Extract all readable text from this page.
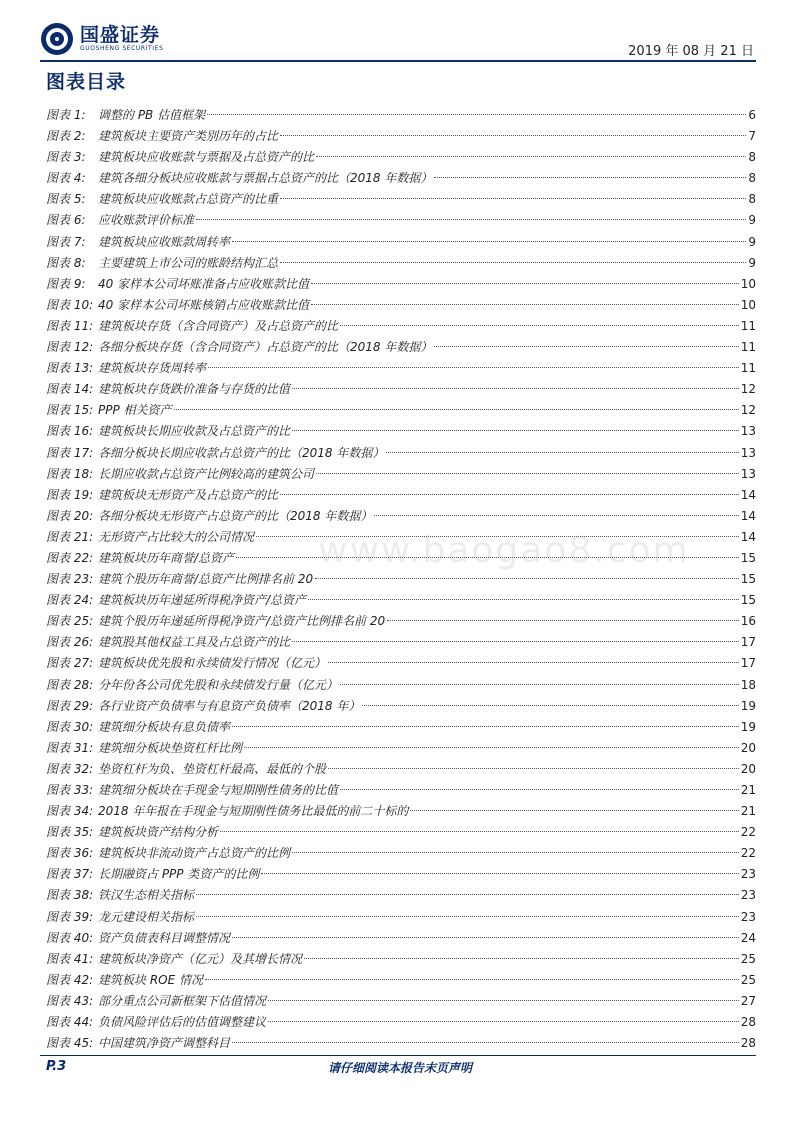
国盛证券
GUOSHENG SECURITIES	2019 年 08 月 21 日
图表目录
图表 1:	调整的 PB 估值框架	6
图表 2:	建筑板块主要资产类别历年的占比	7
图表 3:	建筑板块应收账款与票据及占总资产的比	8
图表 4:	建筑各细分板块应收账款与票据占总资产的比（2018 年数据）	8
图表 5:	建筑板块应收账款占总资产的比重	8
图表 6:	应收账款评价标准	9
图表 7:	建筑板块应收账款周转率	9
图表 8:	主要建筑上市公司的账龄结构汇总	9
图表 9:	40 家样本公司坏账准备占应收账款比值	10
图表 10: 40 家样本公司坏账核销占应收账款比值	10
图表 11: 建筑板块存货（含合同资产）及占总资产的比	11
图表 12: 各细分板块存货（含合同资产）占总资产的比（2018 年数据）	11
图表 13: 建筑板块存货周转率	11
图表 14: 建筑板块存货跌价准备与存货的比值	12
图表 15: PPP 相关资产	12
图表 16: 建筑板块长期应收款及占总资产的比	13
图表 17: 各细分板块长期应收款占总资产的比（2018 年数据）	13
图表 18: 长期应收款占总资产比例较高的建筑公司	13
图表 19: 建筑板块无形资产及占总资产的比	14
图表 20: 各细分板块无形资产占总资产的比（2018 年数据）	14
图表 21: 无形资产占比较大的公司情况	14
图表 22: 建筑板块历年商誉/总资产	15
图表 23: 建筑个股历年商誉/总资产比例排名前 20	15
图表 24: 建筑板块历年递延所得税净资产/总资产	15
图表 25: 建筑个股历年递延所得税净资产/总资产比例排名前 20	16
图表 26: 建筑股其他权益工具及占总资产的比	17
图表 27: 建筑板块优先股和永续债发行情况（亿元）	17
图表 28: 分年份各公司优先股和永续债发行量（亿元）	18
图表 29: 各行业资产负债率与有息资产负债率（2018 年）	19
图表 30: 建筑细分板块有息负债率	19
图表 31: 建筑细分板块垫资杠杆比例	20
图表 32: 垫资杠杆为负、垫资杠杆最高、最低的个股	20
图表 33: 建筑细分板块在手现金与短期刚性债务的比值	21
图表 34: 2018 年年报在手现金与短期刚性债务比最低的前二十标的	21
图表 35: 建筑板块资产结构分析	22
图表 36: 建筑板块非流动资产占总资产的比例	22
图表 37: 长期融资占 PPP 类资产的比例	23
图表 38: 铁汉生态相关指标	23
图表 39: 龙元建设相关指标	23
图表 40: 资产负债表科目调整情况	24
图表 41: 建筑板块净资产（亿元）及其增长情况	25
图表 42: 建筑板块 ROE 情况	25
图表 43: 部分重点公司新框架下估值情况	27
图表 44: 负债风险评估后的估值调整建议	28
图表 45: 中国建筑净资产调整科目	28
www.baogao8.com
P.3	请仔细阅读本报告末页声明
